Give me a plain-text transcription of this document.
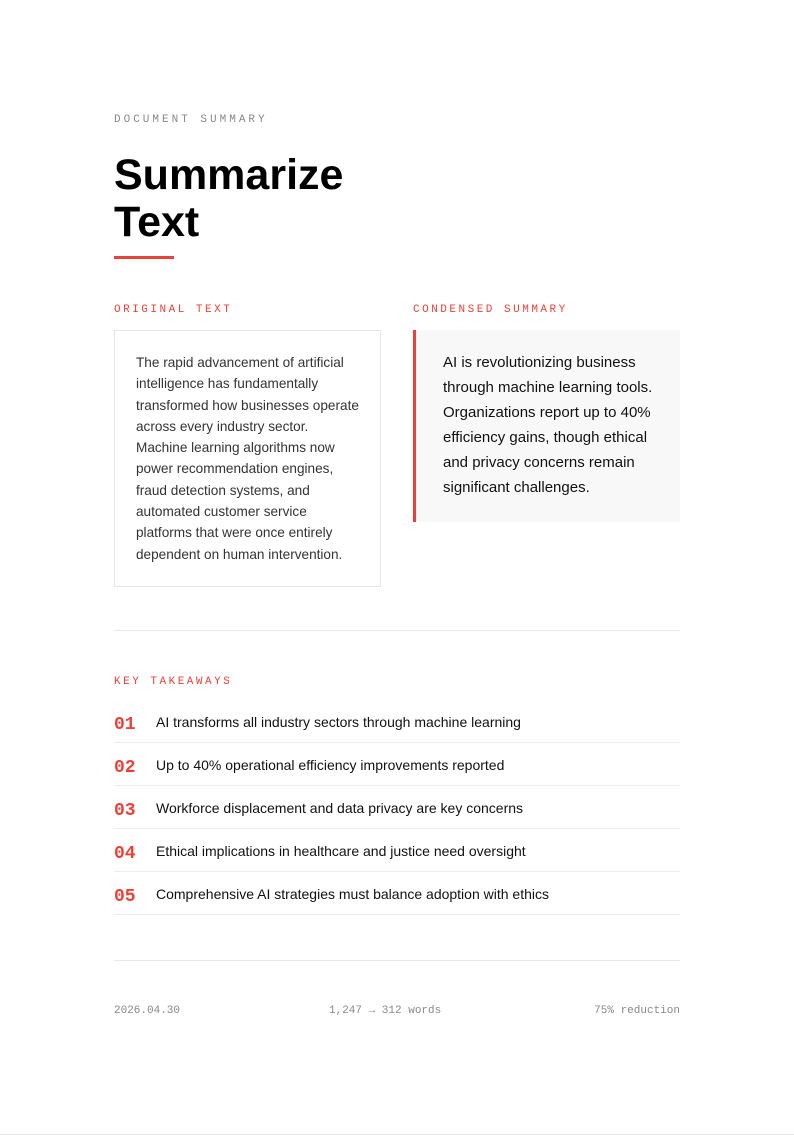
DOCUMENT SUMMARY
Summarize Text
ORIGINAL TEXT
The rapid advancement of artificial intelligence has fundamentally transformed how businesses operate across every industry sector. Machine learning algorithms now power recommendation engines, fraud detection systems, and automated customer service platforms that were once entirely dependent on human intervention.
CONDENSED SUMMARY
AI is revolutionizing business through machine learning tools. Organizations report up to 40% efficiency gains, though ethical and privacy concerns remain significant challenges.
KEY TAKEAWAYS
01 AI transforms all industry sectors through machine learning
02 Up to 40% operational efficiency improvements reported
03 Workforce displacement and data privacy are key concerns
04 Ethical implications in healthcare and justice need oversight
05 Comprehensive AI strategies must balance adoption with ethics
2026.04.30	1,247 → 312 words	75% reduction
